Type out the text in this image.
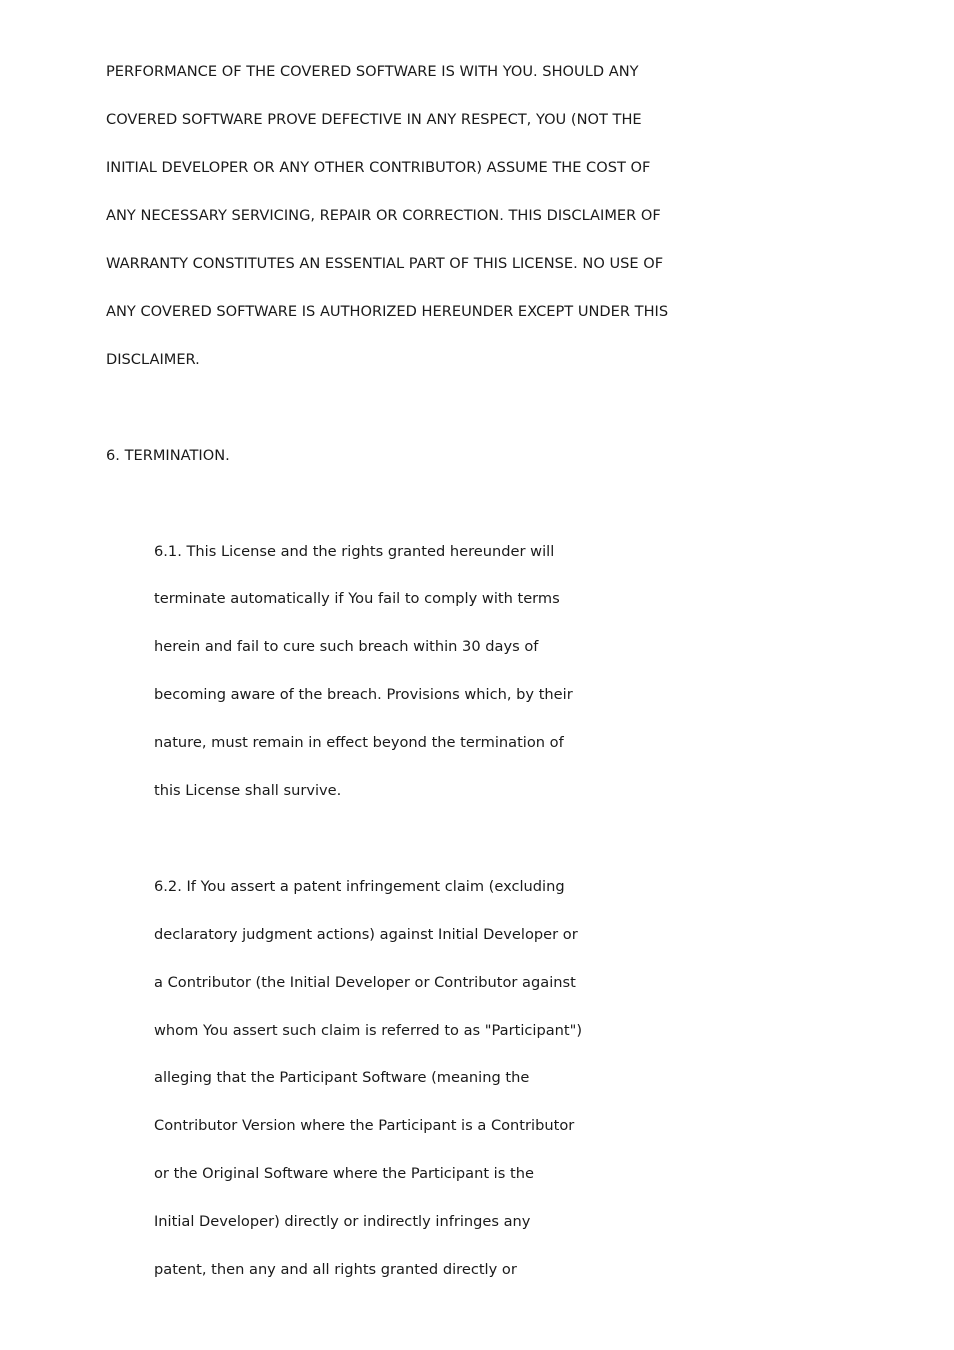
PERFORMANCE OF THE COVERED SOFTWARE IS WITH YOU. SHOULD ANY
COVERED SOFTWARE PROVE DEFECTIVE IN ANY RESPECT, YOU (NOT THE
INITIAL DEVELOPER OR ANY OTHER CONTRIBUTOR) ASSUME THE COST OF
ANY NECESSARY SERVICING, REPAIR OR CORRECTION. THIS DISCLAIMER OF
WARRANTY CONSTITUTES AN ESSENTIAL PART OF THIS LICENSE. NO USE OF
ANY COVERED SOFTWARE IS AUTHORIZED HEREUNDER EXCEPT UNDER THIS
DISCLAIMER.
6. TERMINATION.
6.1. This License and the rights granted hereunder will
terminate automatically if You fail to comply with terms
herein and fail to cure such breach within 30 days of
becoming aware of the breach. Provisions which, by their
nature, must remain in effect beyond the termination of
this License shall survive.
6.2. If You assert a patent infringement claim (excluding
declaratory judgment actions) against Initial Developer or
a Contributor (the Initial Developer or Contributor against
whom You assert such claim is referred to as "Participant")
alleging that the Participant Software (meaning the
Contributor Version where the Participant is a Contributor
or the Original Software where the Participant is the
Initial Developer) directly or indirectly infringes any
patent, then any and all rights granted directly or
